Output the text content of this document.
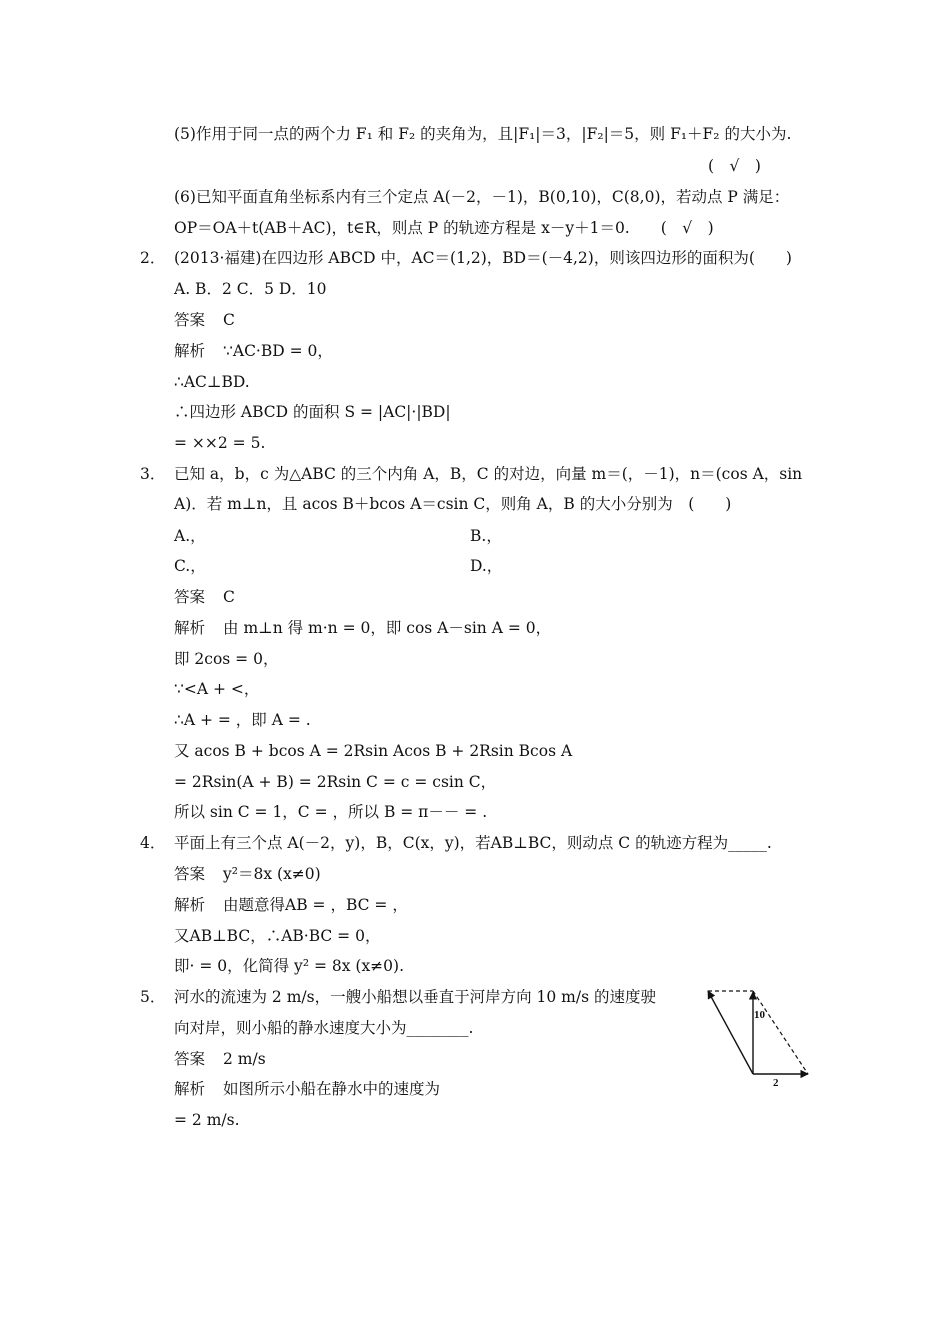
(5)作用于同一点的两个力 F₁ 和 F₂ 的夹角为，且|F₁|＝3，|F₂|＝5，则 F₁＋F₂ 的大小为.
(　√　)
(6)已知平面直角坐标系内有三个定点 A(－2，－1)，B(0,10)，C(8,0)，若动点 P 满足：
OP＝OA＋t(AB＋AC)，t∈R，则点 P 的轨迹方程是 x－y＋1＝0.　　(　√　)
2． (2013·福建)在四边形 ABCD 中，AC＝(1,2)，BD＝(－4,2)，则该四边形的面积为(　　)
A. B．2 C．5 D．10
答案 C
解析 ∵AC·BD = 0，
∴AC⊥BD.
∴四边形 ABCD 的面积 S = |AC|·|BD|
= ××2 = 5.
3． 已知 a，b，c 为△ABC 的三个内角 A，B，C 的对边，向量 m＝(，－1)，n＝(cos A，sin
A)．若 m⊥n，且 acos B＋bcos A＝csin C，则角 A，B 的大小分别为　(　　)
A.，	B.，
C.，	D.，
答案 C
解析 由 m⊥n 得 m·n = 0，即 cos A－sin A = 0，
即 2cos = 0，
∵<A + <，
∴A + = ，即 A = .
又 acos B + bcos A = 2Rsin Acos B + 2Rsin Bcos A
= 2Rsin(A + B) = 2Rsin C = c = csin C，
所以 sin C = 1，C = ，所以 B = π－－ = .
4． 平面上有三个点 A(－2，y)，B，C(x，y)，若AB⊥BC，则动点 C 的轨迹方程为_____.
答案 y²＝8x (x≠0)
解析 由题意得AB = ，BC = ，
又AB⊥BC，∴AB·BC = 0，
即· = 0，化简得 y² = 8x (x≠0).
5． 河水的流速为 2 m/s，一艘小船想以垂直于河岸方向 10 m/s 的速度驶
向对岸，则小船的静水速度大小为________.
答案 2 m/s
解析 如图所示小船在静水中的速度为
= 2 m/s.
10
2
